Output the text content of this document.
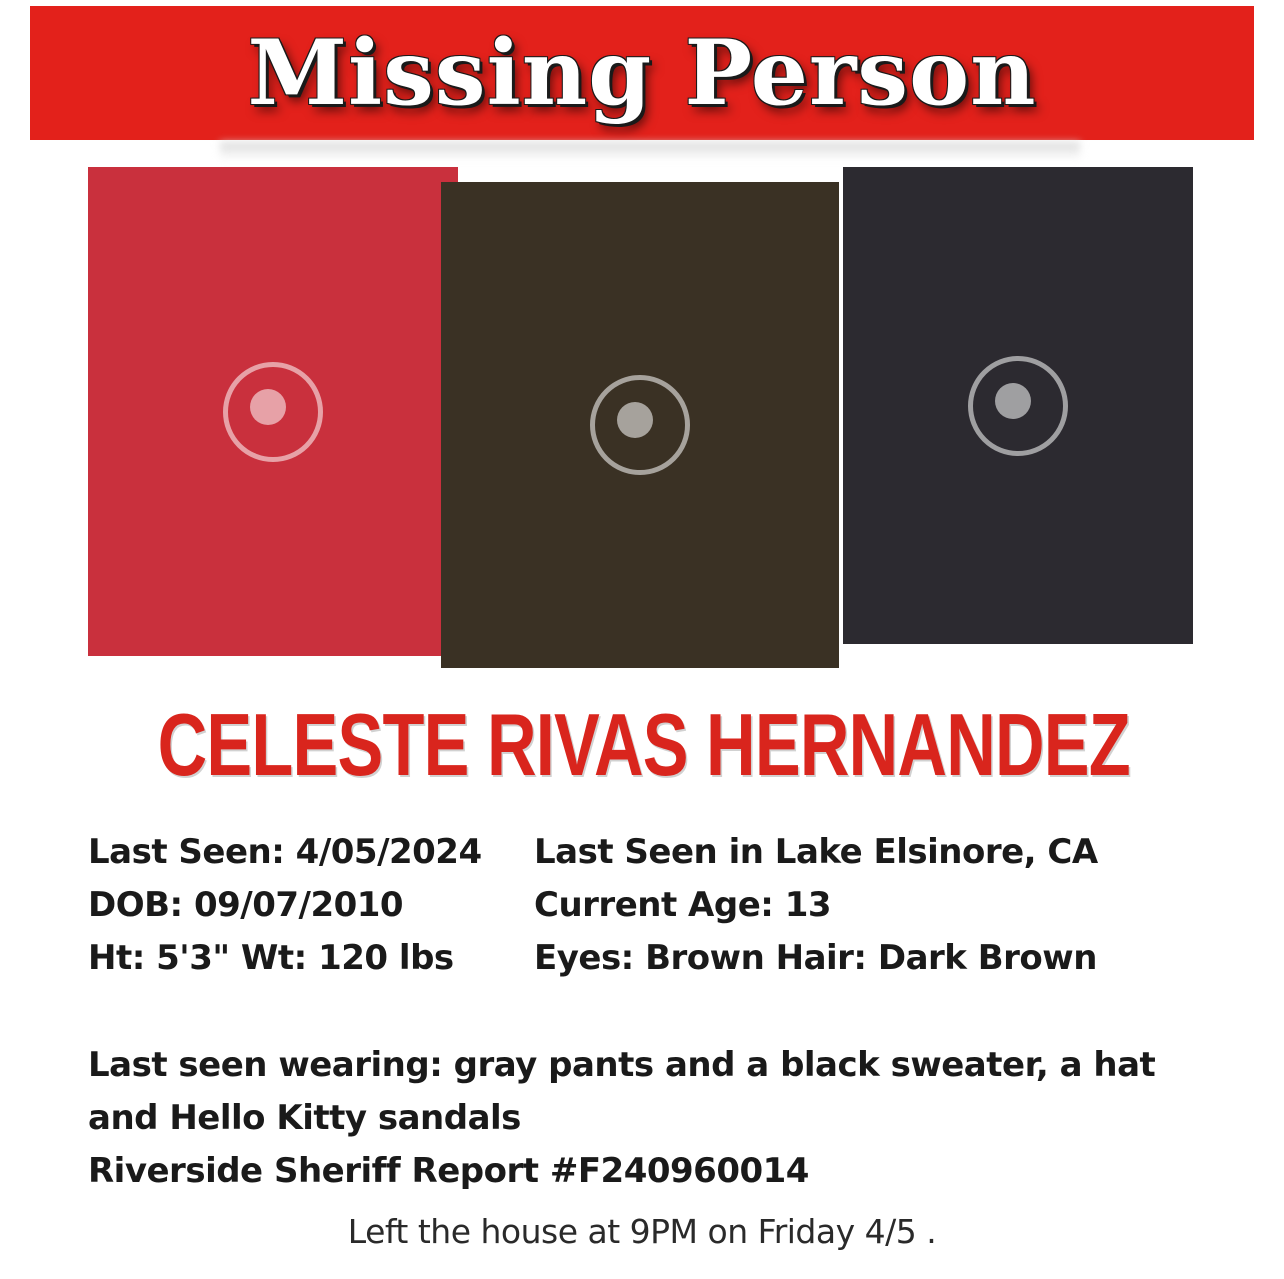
Missing Person
CELESTE RIVAS HERNANDEZ
Last Seen: 4/05/2024 Last Seen in Lake Elsinore, CA
DOB: 09/07/2010	Current Age: 13
Ht: 5'3" Wt: 120 lbs Eyes: Brown Hair: Dark Brown
Last seen wearing: gray pants and a black sweater, a hat
and Hello Kitty sandals
Riverside Sheriff Report #F240960014
Left the house at 9PM on Friday 4/5 .
